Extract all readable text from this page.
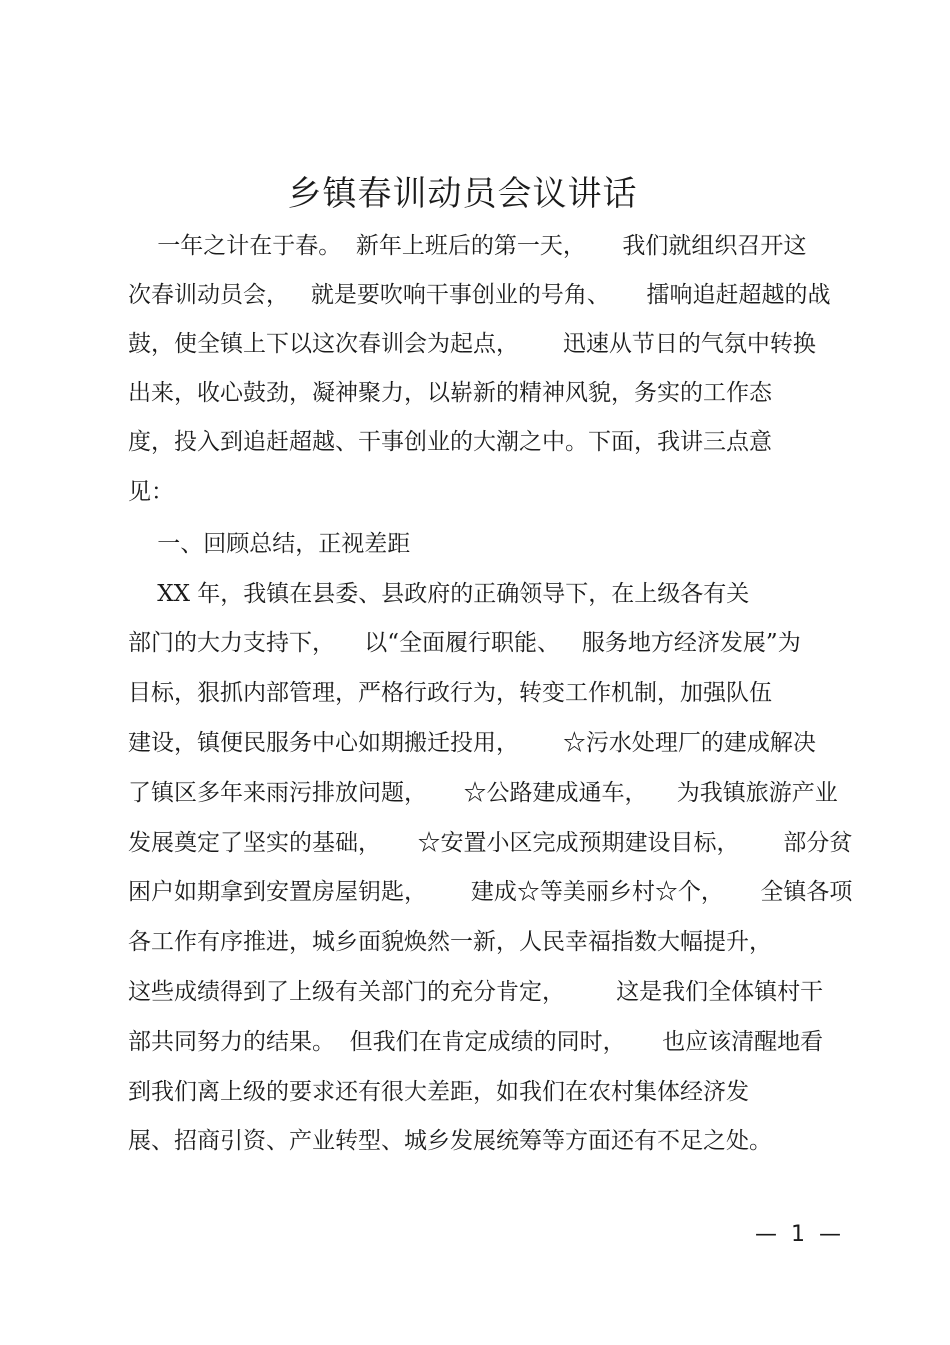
乡镇春训动员会议讲话
一年之计在于春。  新年上班后的第一天，     我们就组织召开这
次春训动员会，   就是要吹响干事创业的号角、     擂响追赶超越的战
鼓，使全镇上下以这次春训会为起点，      迅速从节日的气氛中转换
出来，收心鼓劲，凝神聚力，以崭新的精神风貌，务实的工作态
度，投入到追赶超越、干事创业的大潮之中。下面，我讲三点意
见：
一、回顾总结，正视差距
XX 年，我镇在县委、县政府的正确领导下，在上级各有关
部门的大力支持下，    以“全面履行职能、   服务地方经济发展”为
目标，狠抓内部管理，严格行政行为，转变工作机制，加强队伍
建设，镇便民服务中心如期搬迁投用，      ☆污水处理厂的建成解决
了镇区多年来雨污排放问题，     ☆公路建成通车，    为我镇旅游产业
发展奠定了坚实的基础，     ☆安置小区完成预期建设目标，      部分贫
困户如期拿到安置房屋钥匙，      建成☆等美丽乡村☆个，     全镇各项
各工作有序推进，城乡面貌焕然一新，人民幸福指数大幅提升，
这些成绩得到了上级有关部门的充分肯定，       这是我们全体镇村干
部共同努力的结果。  但我们在肯定成绩的同时，     也应该清醒地看
到我们离上级的要求还有很大差距，如我们在农村集体经济发
展、招商引资、产业转型、城乡发展统筹等方面还有不足之处。
—  1  —
